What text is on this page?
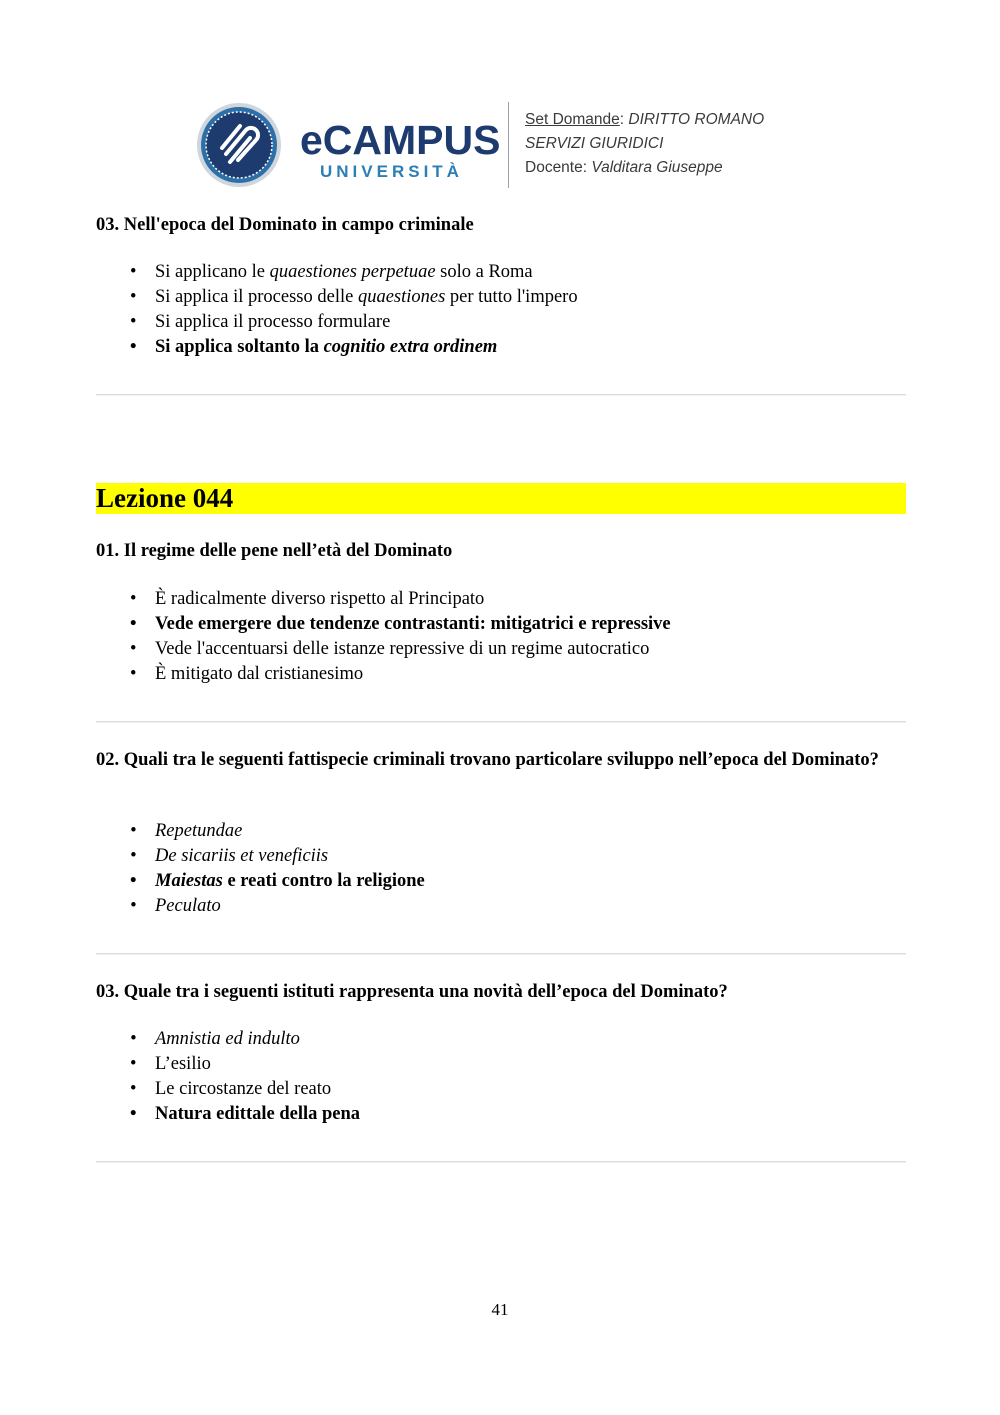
eCAMPUS
UNIVERSITÀ
Set Domande: DIRITTO ROMANO
SERVIZI GIURIDICI
Docente: Valditara Giuseppe
03. Nell'epoca del Dominato in campo criminale
• Si applicano le quaestiones perpetuae solo a Roma
• Si applica il processo delle quaestiones per tutto l'impero
• Si applica il processo formulare
• Si applica soltanto la cognitio extra ordinem
Lezione 044
01. Il regime delle pene nell’età del Dominato
• È radicalmente diverso rispetto al Principato
• Vede emergere due tendenze contrastanti: mitigatrici e repressive
• Vede l'accentuarsi delle istanze repressive di un regime autocratico
• È mitigato dal cristianesimo
02. Quali tra le seguenti fattispecie criminali trovano particolare sviluppo nell’epoca del Dominato?
• Repetundae
• De sicariis et veneficiis
• Maiestas e reati contro la religione
• Peculato
03. Quale tra i seguenti istituti rappresenta una novità dell’epoca del Dominato?
• Amnistia ed indulto
• L’esilio
• Le circostanze del reato
• Natura edittale della pena
41
